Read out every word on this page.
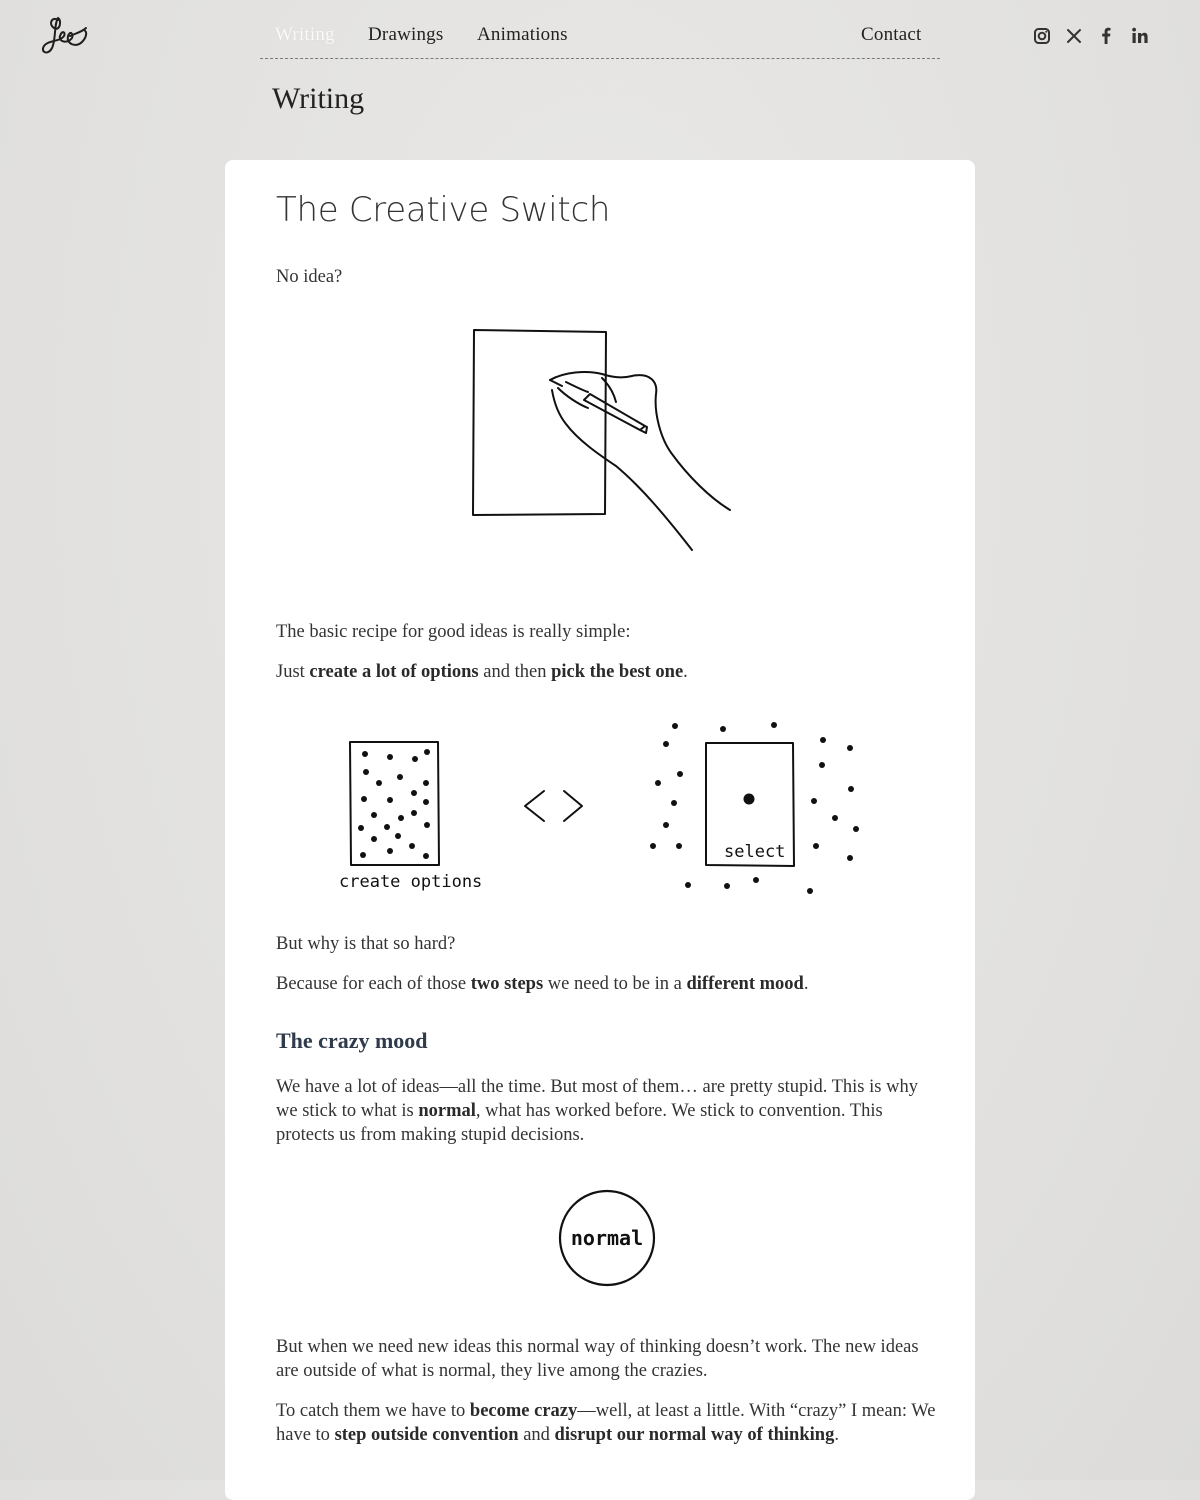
Writing Drawings Animations	Contact
Writing
The Creative Switch

No idea?

The basic recipe for good ideas is really simple:

Just create a lot of options and then pick the best one.

create options
select

But why is that so hard?

Because for each of those two steps we need to be in a different mood.

The crazy mood

We have a lot of ideas—all the time. But most of them… are pretty stupid. This is why we stick to what is normal, what has worked before. We stick to convention. This protects us from making stupid decisions.

normal

But when we need new ideas this normal way of thinking doesn’t work. The new ideas are outside of what is normal, they live among the crazies.

To catch them we have to become crazy—well, at least a little. With “crazy” I mean: We have to step outside convention and disrupt our normal way of thinking.
